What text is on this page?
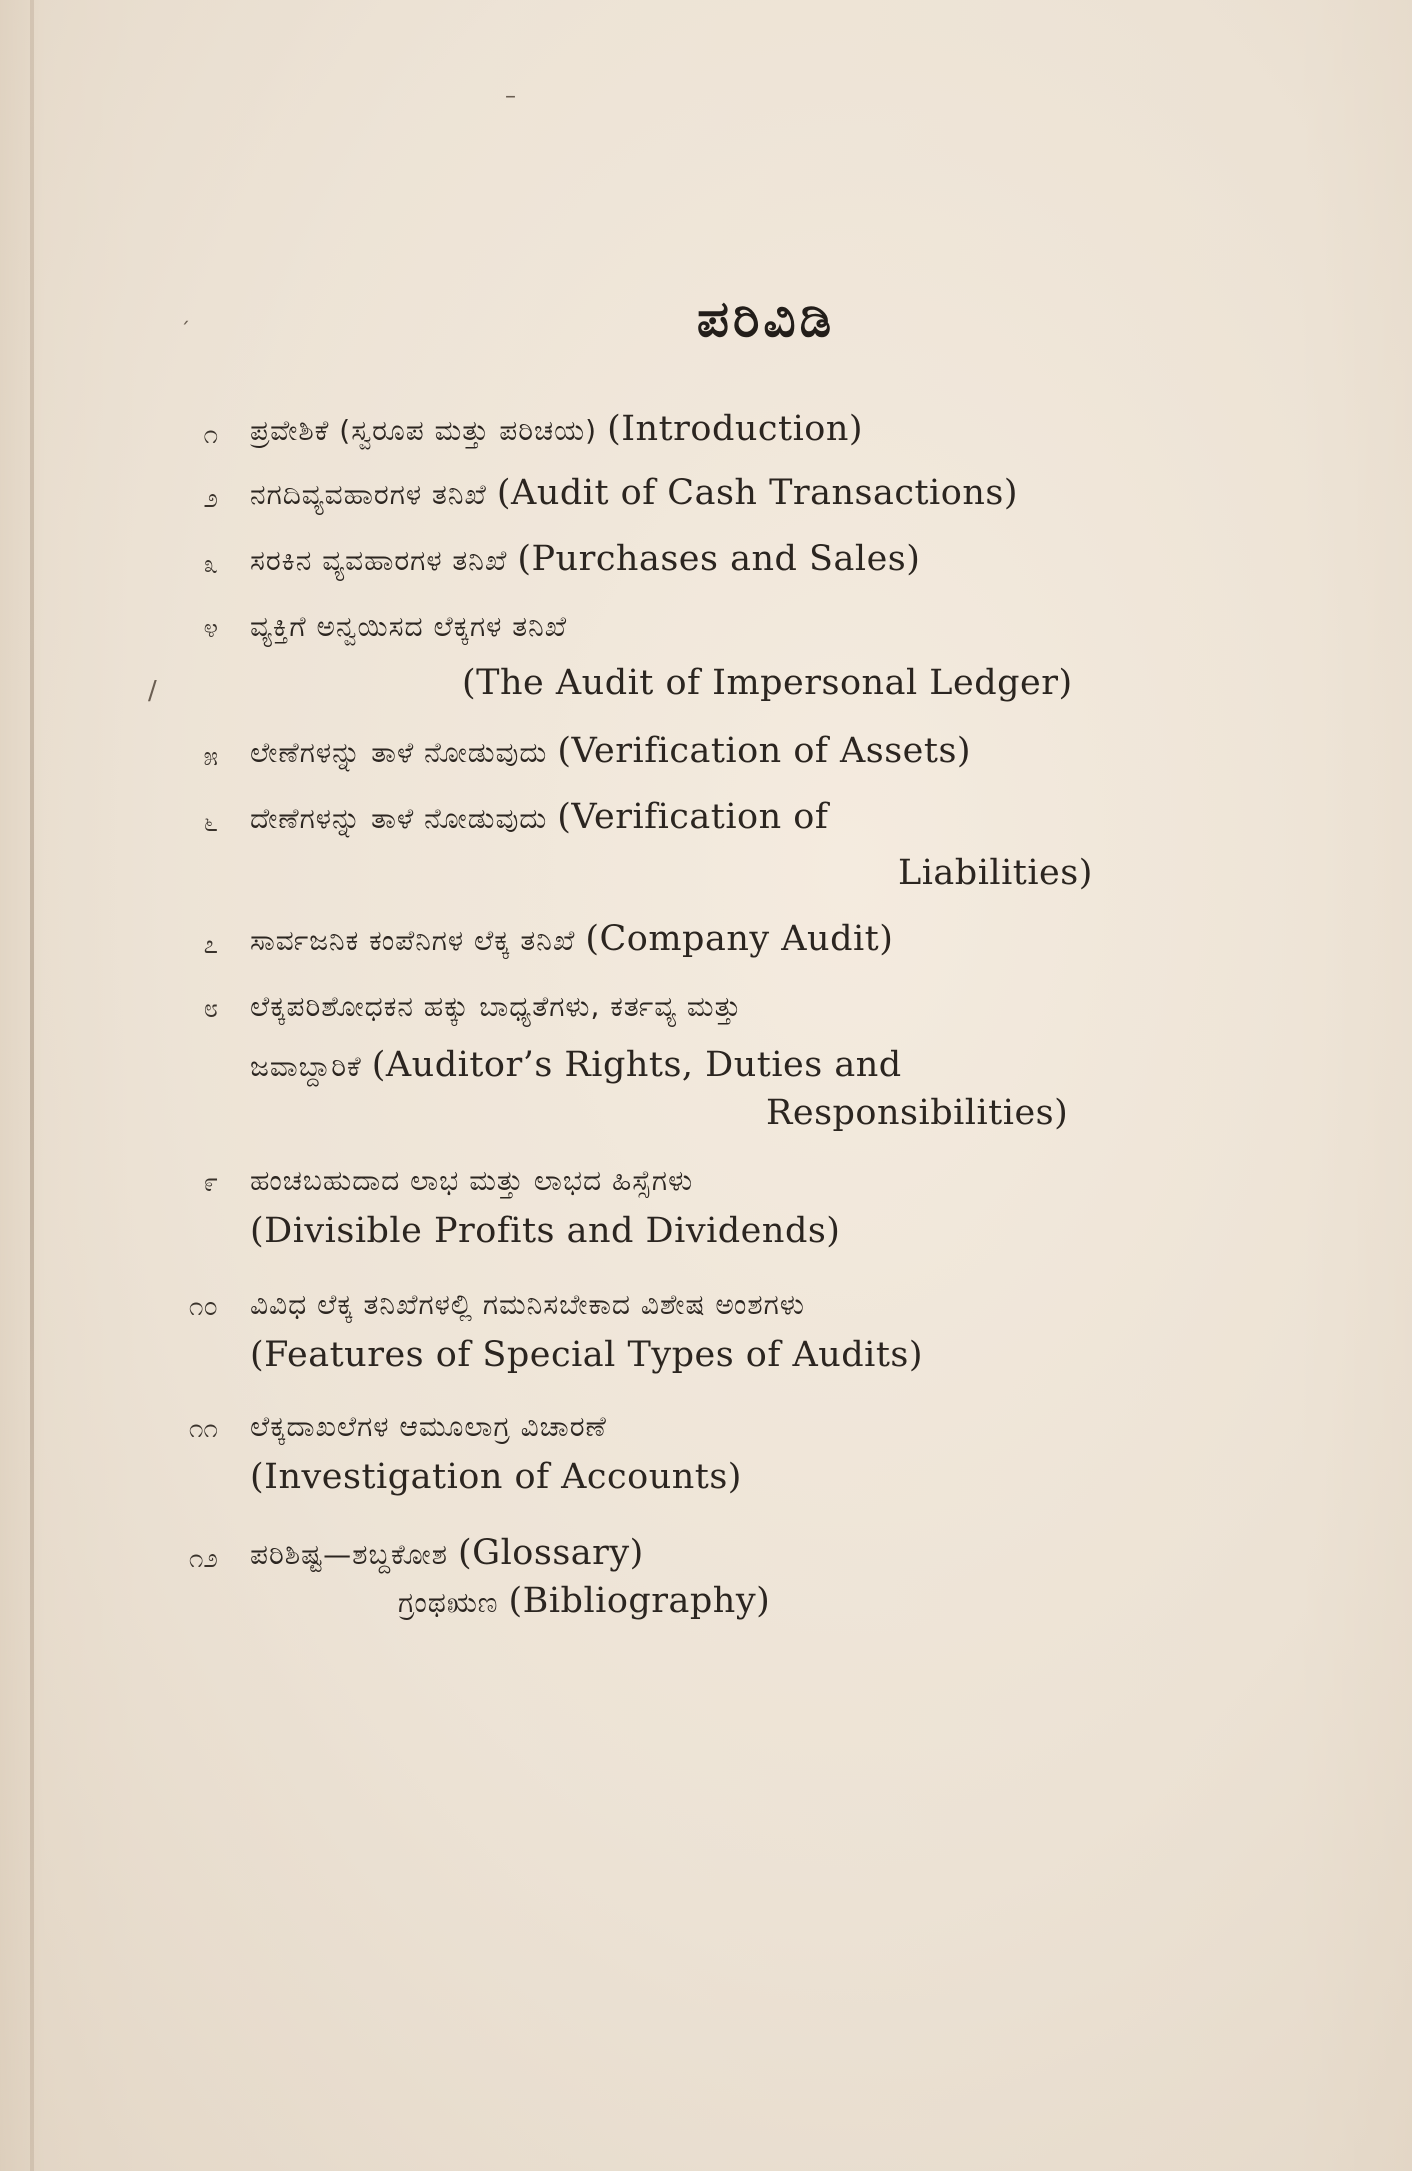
–
´
/
ಪರಿವಿಡಿ
೧ ಪ್ರವೇಶಿಕೆ (ಸ್ವರೂಪ ಮತ್ತು ಪರಿಚಯ) (Introduction)
೨ ನಗದಿವ್ಯವಹಾರಗಳ ತನಿಖೆ (Audit of Cash Transactions)
೩ ಸರಕಿನ ವ್ಯವಹಾರಗಳ ತನಿಖೆ (Purchases and Sales)
೪ ವ್ಯಕ್ತಿಗೆ ಅನ್ವಯಿಸದ ಲೆಕ್ಕಗಳ ತನಿಖೆ
(The Audit of Impersonal Ledger)
೫ ಲೇಣೆಗಳನ್ನು ತಾಳೆ ನೋಡುವುದು (Verification of Assets)
೬ ದೇಣೆಗಳನ್ನು ತಾಳೆ ನೋಡುವುದು (Verification of
Liabilities)
೭ ಸಾರ್ವಜನಿಕ ಕಂಪೆನಿಗಳ ಲೆಕ್ಕ ತನಿಖೆ (Company Audit)
೮ ಲೆಕ್ಕಪರಿಶೋಧಕನ ಹಕ್ಕು ಬಾಧ್ಯತೆಗಳು, ಕರ್ತವ್ಯ ಮತ್ತು
ಜವಾಬ್ದಾರಿಕೆ (Auditor’s Rights, Duties and
Responsibilities)
೯ ಹಂಚಬಹುದಾದ ಲಾಭ ಮತ್ತು ಲಾಭದ ಹಿಸ್ಸೆಗಳು
(Divisible Profits and Dividends)
೧೦ ವಿವಿಧ ಲೆಕ್ಕ ತನಿಖೆಗಳಲ್ಲಿ ಗಮನಿಸಬೇಕಾದ ವಿಶೇಷ ಅಂಶಗಳು
(Features of Special Types of Audits)
೧೧ ಲೆಕ್ಕದಾಖಲೆಗಳ ಆಮೂಲಾಗ್ರ ವಿಚಾರಣೆ
(Investigation of Accounts)
೧೨ ಪರಿಶಿಷ್ಟ—ಶಬ್ದಕೋಶ (Glossary)
ಗ್ರಂಥಋಣ (Bibliography)
